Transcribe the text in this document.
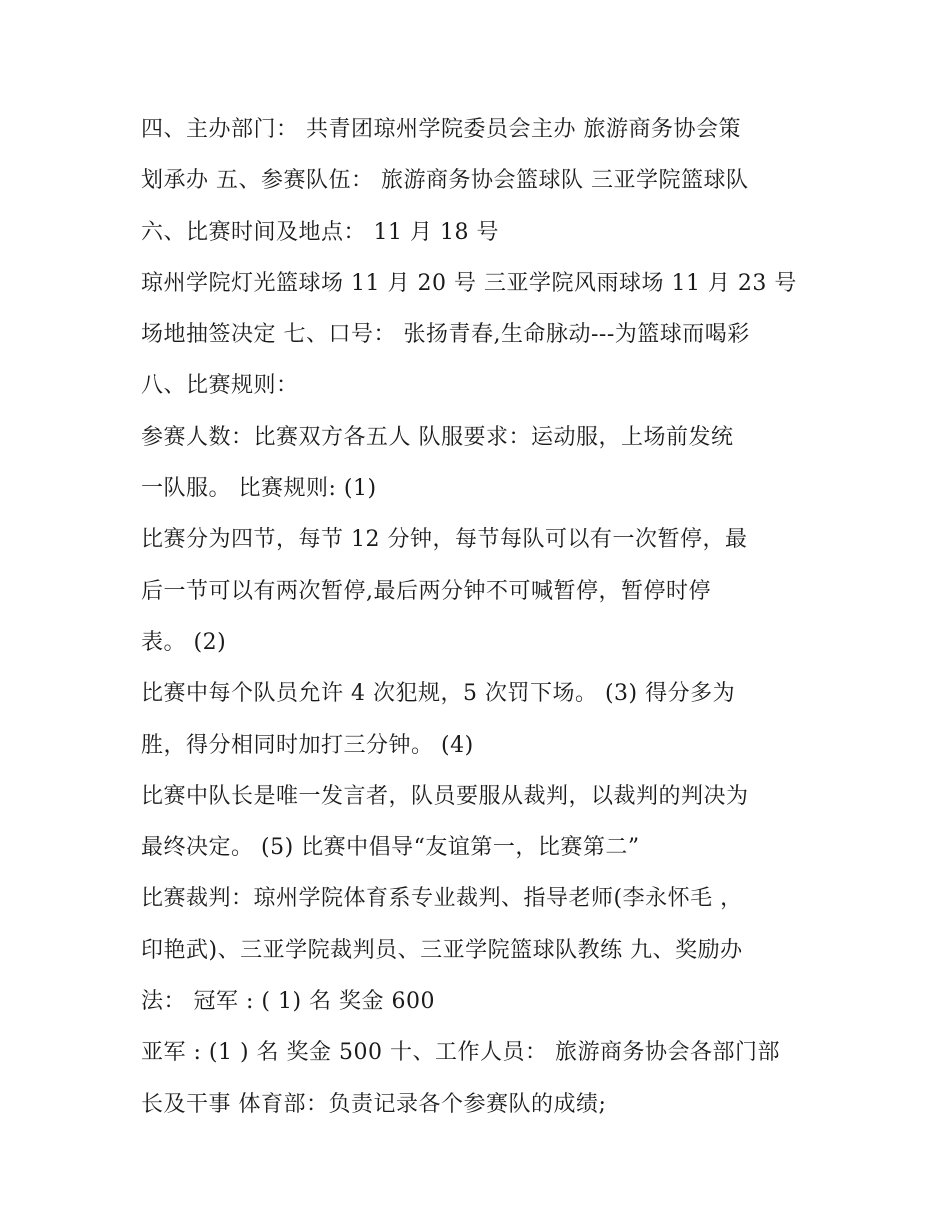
四、主办部门： 共青团琼州学院委员会主办 旅游商务协会策
划承办 五、参赛队伍： 旅游商务协会篮球队 三亚学院篮球队
六、比赛时间及地点： 11 月 18 号
琼州学院灯光篮球场 11 月 20 号 三亚学院风雨球场 11 月 23 号
场地抽签决定 七、口号： 张扬青春,生命脉动---为篮球而喝彩
八、比赛规则：
参赛人数：比赛双方各五人 队服要求：运动服，上场前发统
一队服。 比赛规则: (1)
比赛分为四节，每节 12 分钟，每节每队可以有一次暂停，最
后一节可以有两次暂停,最后两分钟不可喊暂停，暂停时停
表。 (2)
比赛中每个队员允许 4 次犯规，5 次罚下场。 (3) 得分多为
胜，得分相同时加打三分钟。 (4)
比赛中队长是唯一发言者，队员要服从裁判，以裁判的判决为
最终决定。 (5) 比赛中倡导“友谊第一，比赛第二”
比赛裁判：琼州学院体育系专业裁判、指导老师(李永怀毛 ，
印艳武)、三亚学院裁判员、三亚学院篮球队教练 九、奖励办
法： 冠军 : ( 1) 名 奖金 600
亚军 : (1 ) 名 奖金 500 十、工作人员： 旅游商务协会各部门部
长及干事 体育部：负责记录各个参赛队的成绩;
